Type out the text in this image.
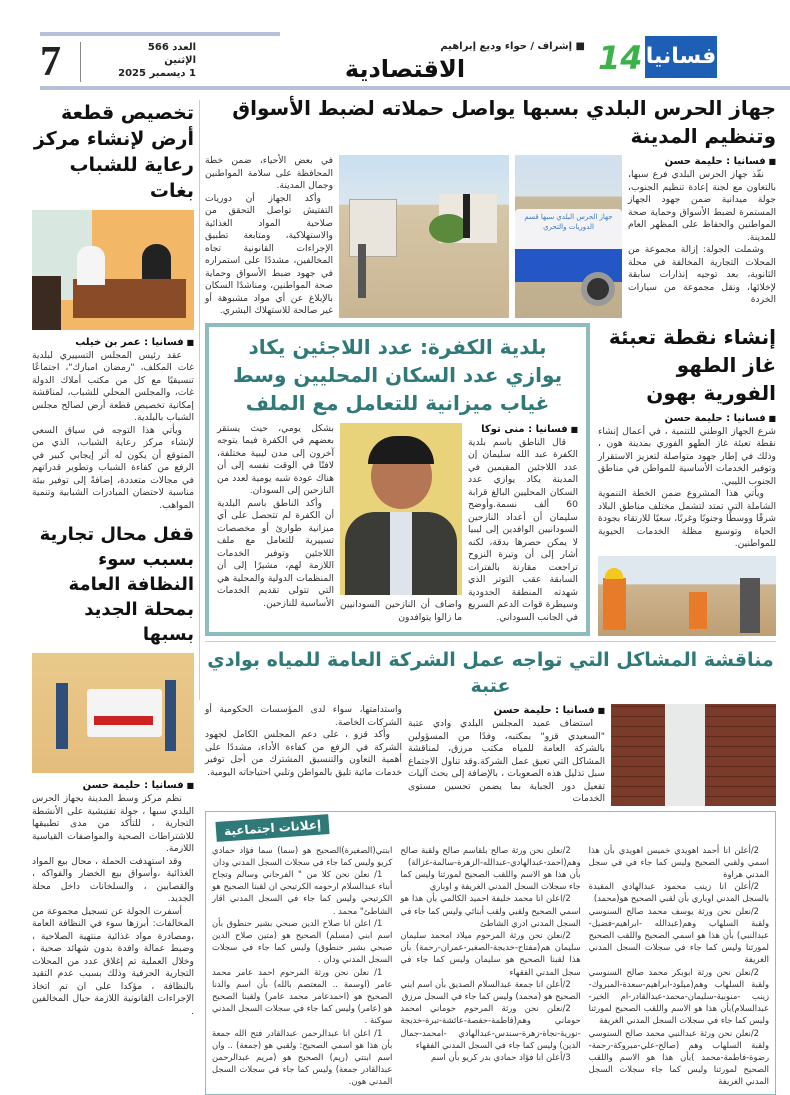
فسانيا
14
■ إشراف / حواء وديع إبراهيم
الاقتصادية
7	العدد 566
الإثنين
1 ديسمبر 2025
تخصيص قطعة أرض لإنشاء مركز رعاية للشباب بغات
■ فسانيا : عمر بن خيلب

عقد رئيس المجلس التسييري لبلدية غات المكلف، "رمضان امبارك"، اجتماعًا تنسيقيًا مع كل من مكتب أملاك الدولة غات، والمجلس المحلي للشباب، لمناقشة إمكانية تخصيص قطعة أرض لصالح مجلس الشباب بالبلدية.

ويأتي هذا التوجه في سياق السعي لإنشاء مركز رعاية الشباب، الذي من المتوقع أن يكون له أثر إيجابي كبير في الرفع من كفاءة الشباب وتطوير قدراتهم في مجالات متعددة، إضافةً إلى توفير بيئة مناسبة لاحتضان المبادرات الشبابية وتنمية المواهب.

قفل محال تجارية بسبب سوء النظافة العامة بمحلة الجديد بسبها
■ فسانيا : حليمة حسن

نظم مركز وسط المدينة بجهاز الحرس البلدي سبها ، جولة تفتيشية على الأنشطة التجارية ، للتأكد من مدى تطبيقها للاشتراطات الصحية والمواصفات القياسية اللازمة.

وقد استهدفت الحملة ، محال بيع المواد الغذائية ،وأسواق بيع الخضار والفواكه ، والقصابين ، والسلخانات داخل محلة الجديد.

أسفرت الجولة عن تسجيل مجموعة من المخالفات: أبرزها سوء في النظافة العامة ،ومصادرة مواد غذائية منتهية الصلاحية ، وضبط عمالة وافدة بدون شهائد صحية ، وخلال العملية تم إغلاق عدد من المحلات التجارية الحرفية وذلك بسبب عدم التقيد بالنظافة ، مؤكدا على ان تم اتخاذ الإجراءات القانونية اللازمة حيال المخالفين .

جهاز الحرس البلدي بسبها يواصل حملاته لضبط الأسواق وتنظيم المدينة
■ فسانيا : حليمة حسن

نفّذ جهاز الحرس البلدي فرع سبها، بالتعاون مع لجنة إعادة تنظيم الجنوب، جولة ميدانية ضمن جهود الجهاز المستمرة لضبط الأسواق وحماية صحة المواطنين والحفاظ على المظهر العام للمدينة.

وشملت الجولة: إزالة مجموعة من المحلات التجارية المخالفة في محلة الثانوية، بعد توجيه إنذارات سابقة لإخلائها، ونقل مجموعة من سيارات الخردة

جهاز الحرس البلدي سبها قسم الدوريات والتحري

في بعض الأحياء، ضمن خطة المحافظة على سلامة المواطنين وجمال المدينة.

وأكد الجهاز أن دوريات التفتيش تواصل التحقق من صلاحية المواد الغذائية والاستهلاكية، ومتابعة تطبيق الإجراءات القانونية تجاه المخالفين، مشددًا على استمراره في جهود ضبط الأسواق وحماية صحة المواطنين، ومناشدًا السكان بالإبلاغ عن أي مواد مشبوهة أو غير صالحة للاستهلاك البشري.

إنشاء نقطة تعبئة غاز الطهو الفورية بهون
■ فسانيا : حليمة حسن

شرع الجهاز الوطني للتنمية ، في أعمال إنشاء نقطة تعبئة غاز الطهو الفوري بمدينة هون ، وذلك في إطار جهود متواصلة لتعزيز الاستقرار وتوفير الخدمات الأساسية للمواطن في مناطق الجنوب الليبي.

ويأتي هذا المشروع ضمن الخطة التنموية الشاملة التي تمتد لتشمل مختلف مناطق البلاد شرقًا ووسطًا وجنوبًا وغربًا، سعيًا للارتقاء بجودة الحياة وتوسيع مظلة الخدمات الحيوية للمواطنين.

بلدية الكفرة: عدد اللاجئين يكاد يوازي عدد السكان المحليين وسط غياب ميزانية للتعامل مع الملف
■ فسانيا : منى توكا

قال الناطق باسم بلدية الكفرة عبد الله سليمان إن عدد اللاجئين المقيمين في المدينة يكاد يوازي عدد السكان المحليين البالغ قرابة 60 ألف نسمة.وأوضح سليمان أن أعداد النازحين السودانيين الوافدين إلى ليبيا لا يمكن حصرها بدقة، لكنه أشار إلى أن وتيرة النزوح تراجعت مقارنة بالفترات السابقة عقب التوتر الذي شهدته المنطقة الحدودية وسيطرة قوات الدعم السريع في الجانب السوداني.

واضاف أن النازحين السودانيين ما زالوا يتوافدون

بشكل يومي، حيث يستقر بعضهم في الكفرة فيما يتوجه آخرون إلى مدن ليبية مختلفة، لافتًا في الوقت نفسه إلى أن هناك عودة شبه يومية لعدد من النازحين إلى السودان.

وأكد الناطق باسم البلدية أن الكفرة لم تتحصل على أي ميزانية طوارئ أو مخصصات تسييرية للتعامل مع ملف اللاجئين وتوفير الخدمات اللازمة لهم، مشيرًا إلى أن المنظمات الدولية والمحلية هي التي تتولى تقديم الخدمات الأساسية للنازحين.

مناقشة المشاكل التي تواجه عمل الشركة العامة للمياه بوادي عتبة
■ فسانيا : حليمة حسن

استضاف عميد المجلس البلدي وادي عتبة "السعيدي قزو" بمكتبه، وفدًا من المسؤولين بالشركة العامة للمياه مكتب مرزق، لمناقشة المشاكل التي تعيق عمل الشركة.وقد تناول الاجتماع سبل تذليل هذه الصعوبات ، بالإضافة إلى بحث آليات تفعيل دور الجباية بما يضمن تحسين مستوى الخدمات

واستدامتها، سواء لدى المؤسسات الحكومية أو الشركات الخاصة.

وأكد قزو ، على دعم المجلس الكامل لجهود الشركة في الرفع من كفاءة الأداء، مشددًا على أهمية التعاون والتنسيق المشترك من أجل توفير خدمات مائية تليق بالمواطن وتلبي احتياجاته اليومية.

إعلانات اجتماعية

2/أعلن انا أحمد اهويدي خميس اهويدي بأن هذا اسمي ولقبي الصحيح وليس كما جاء في في سجل المدني هراوة

2/أعلن انا زينب محمود عبدالهادي المقيدة بالسجل المدني اوباري بأن لقبي الصحيح هو(محمد)

2/نعلن نحن ورثة يوسف محمد صالح السنوسي ولقبة السلهاب وهم(عبدالله -ابراهيم-فضيل-عبدالنبي) بأن هذا هو اسمي الصحيح واللقب الصحيح لمورثنا وليس كما جاء في سجلات السجل المدني الغريفة

2/نعلن نحن ورثة ابوبكر محمد صالح السنوسي ولقبة السلهاب وهم(ميلود-ابراهيم-سعدة-المبروك-زينب -منوبية-سليمان-محمد-عبدالقادر-ام الخير-عبدالسلام)بأن هذا هو الاسم واللقب الصحيح لمورثنا وليس كما جاء في سجلات السجل المدني الغريفة

2/نعلن نحن ورثة عبدالنبي محمد صالح السنوسي ولقبة السلهاب وهم (صالح-علي-مبروكة-رحمة-رضوة-فاطمة-محمد )بأن هذا هو الاسم واللقب الصحيح لمورثنا وليس كما جاء سجلات السجل المدني الغريفة

2/نعلن نحن ورثة صالح بلقاسم صالح ولقبة صالح وهم(احمد-عبدالهادي-عبدالله-الزهرة-سالمة-غزالة) بأن هذا هو الاسم واللقب الصحيح لمورثنا وليس كما جاء سجلات السجل المدني الغريفة و اوباري

2/اعلن انا محمد خليفة احميد الكالمي بأن هذا هو اسمي الصحيح ولقبي ولقب أبنائي وليس كما جاء في السجل المدني ادري الشاطئ

2/نعلن نحن ورثة المرحوم ميلاد امحمد سليمان سليمان هم(مفتاح-خديجة-الصغير-عمران-رحمة) بأن هذا لقبنا الصحيح هو سليمان وليس كما جاء في سجل المدني الفقهاء

2/أعلن انا جمعة عبدالسلام الصديق بأن اسم ابني الصحيح هو (محمد) وليس كما جاء في السجل مرزق

2/نعلن نحن ورثة المرحوم حوماني امحمد حوماني وهم(فاطمة-حفصة-عائشة-تبرة-خديجة -نورية-نجاة-زهرة-سندس-عبدالهادي -امحمد-جمال الدين) وليس كما جاء في السجل المدني الفقهاء

3/أعلن انا فؤاد حمادي بدر كريو بأن اسم

ابنتي(الصغيرة)الصحيح هو (سما) سما فؤاد حمادي كريو وليس كما جاء في سجلات السجل المدني ودان

1/ نعلن نحن كلا من " الفرجاني وسالم وتجاح أبناء عبدالسلام ارحومه الكرتيحي ان لقبنا الصحيح هو الكرتيحي وليس كما جاء في السجل المدني اقار الشاطئ" محمد .

1/ اعلن انا صلاح الدين صبحي بشير حنطوق بأن اسم ابني (مسلم) الصحيح هو (متين صلاح الدين صبحي بشير حنطوق) وليس كما جاء في سجلات السجل المدني ودان .

1/ نعلن نحن ورثة المرحوم احمد عامر محمد عامر (اوسمة .. المعتصم بالله) بأن اسم والدنا الصحيح هو (احمدعامر محمد عامر) ولقبنا الصحيح هو (عامر) وليس كما جاء في سجلات السجل المدني سوكنة .

1/ اعلن انا عبدالرحمن عبدالقادر فتح الله جمعة بأن هذا هو اسمي الصحيح: ولقبي هو (جمعة) .. وان اسم ابنتي (ريم) الصحيح هو (مريم عبدالرحمن عبدالقادر جمعة) وليس كما جاء في سجلات السجل المدني هون.
